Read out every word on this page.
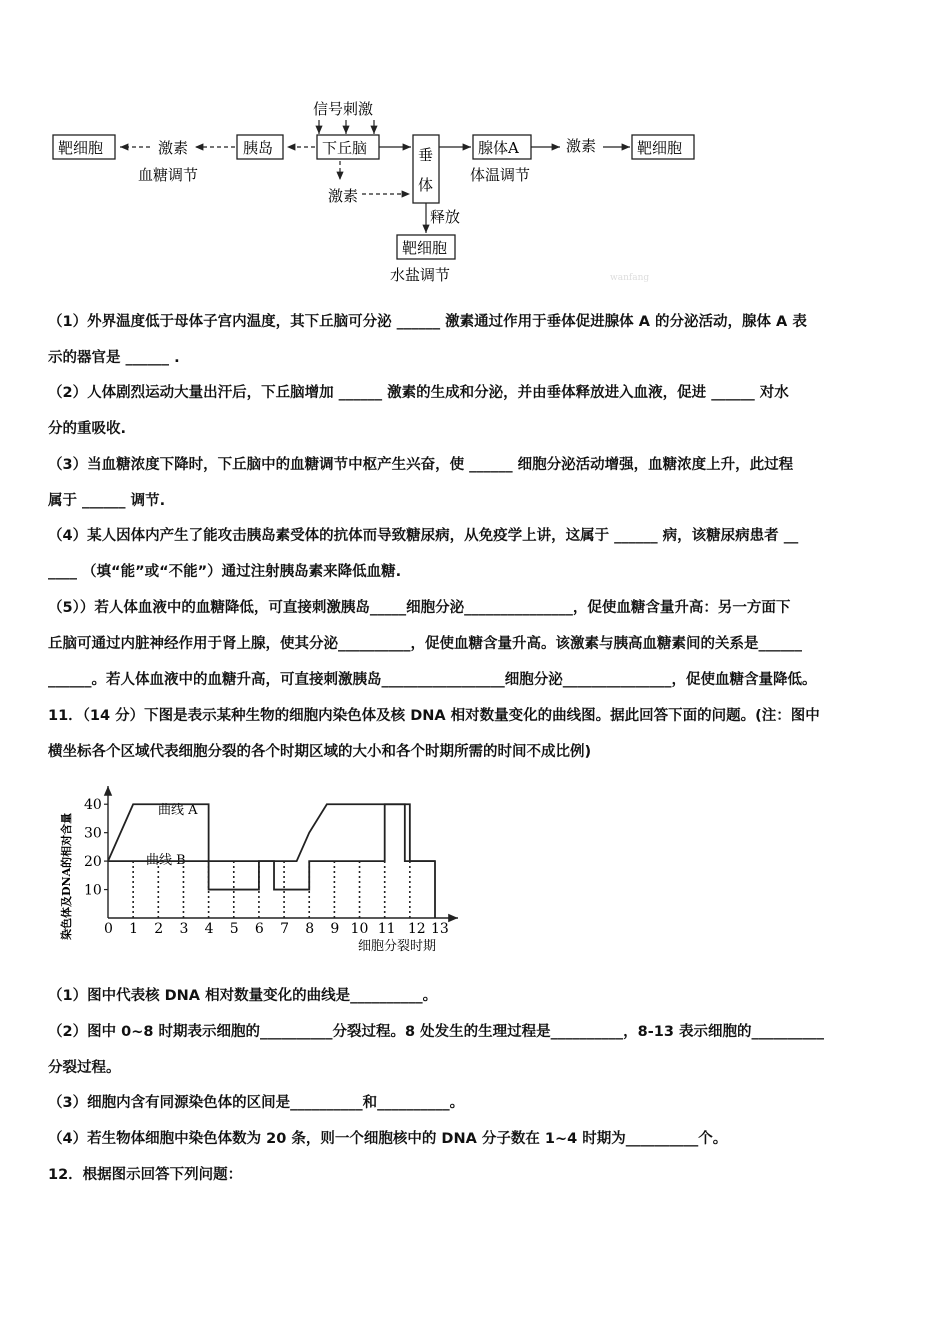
信号刺激
靶细胞	激素
血糖调节
胰岛	下丘脑	垂
体
腺体A
体温调节
激素	靶细胞
激素
靶细胞
释放
水盐调节	wanfang
（1）外界温度低于母体子宫内温度，其下丘脑可分泌 ______ 激素通过作用于垂体促进腺体 A 的分泌活动，腺体 A 表
示的器官是 ______ .
（2）人体剧烈运动大量出汗后，下丘脑增加 ______ 激素的生成和分泌，并由垂体释放进入血液，促进 ______ 对水
分的重吸收.
（3）当血糖浓度下降时，下丘脑中的血糖调节中枢产生兴奋，使 ______ 细胞分泌活动增强，血糖浓度上升，此过程
属于 ______ 调节.
（4）某人因体内产生了能攻击胰岛素受体的抗体而导致糖尿病，从免疫学上讲，这属于 ______ 病，该糖尿病患者 __
____ （填“能”或“不能”）通过注射胰岛素来降低血糖.
（5））若人体血液中的血糖降低，可直接刺激胰岛_____细胞分泌_______________，促使血糖含量升高：另一方面下
丘脑可通过内脏神经作用于肾上腺，使其分泌__________，促使血糖含量升高。该激素与胰高血糖素间的关系是______
______。若人体血液中的血糖升高，可直接刺激胰岛_________________细胞分泌_______________，促使血糖含量降低。
11．（14 分）下图是表示某种生物的细胞内染色体及核 DNA 相对数量变化的曲线图。据此回答下面的问题。(注：图中
横坐标各个区域代表细胞分裂的各个时期区域的大小和各个时期所需的时间不成比例)
染色体及DNA的相对含量
细胞分裂时期
曲线 A
曲线 B
10
20
30
40
0 1 2 3 4 5 6 7 8 9 10 11 12 13
（1）图中代表核 DNA 相对数量变化的曲线是__________。
（2）图中 0~8 时期表示细胞的__________分裂过程。8 处发生的生理过程是__________，8-13 表示细胞的__________
分裂过程。
（3）细胞内含有同源染色体的区间是__________和__________。
（4）若生物体细胞中染色体数为 20 条，则一个细胞核中的 DNA 分子数在 1~4 时期为__________个。
12．根据图示回答下列问题：
